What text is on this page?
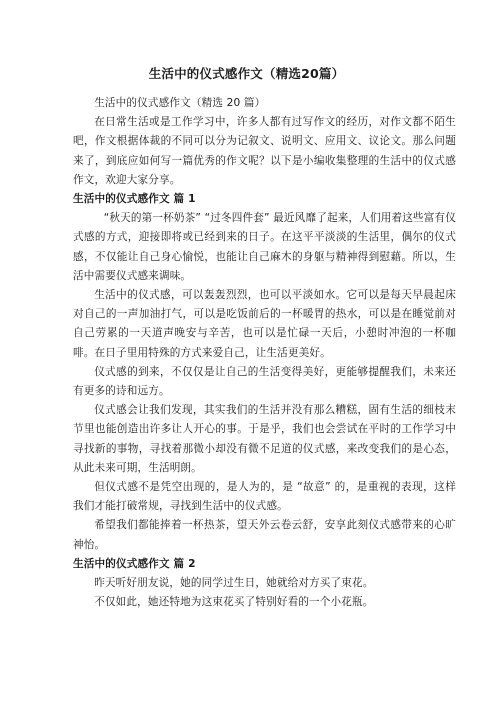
生活中的仪式感作文（精选20篇）

生活中的仪式感作文（精选 20 篇）

在日常生活或是工作学习中，许多人都有过写作文的经历，对作文都不陌生吧，作文根据体裁的不同可以分为记叙文、说明文、应用文、议论文。那么问题来了，到底应如何写一篇优秀的作文呢？以下是小编收集整理的生活中的仪式感作文，欢迎大家分享。

生活中的仪式感作文 篇 1

“秋天的第一杯奶茶” “过冬四件套” 最近风靡了起来，人们用着这些富有仪式感的方式，迎接即将或已经到来的日子。在这平平淡淡的生活里，偶尔的仪式感，不仅能让自己身心愉悦，也能让自己麻木的身躯与精神得到慰藉。所以，生活中需要仪式感来调味。

生活中的仪式感，可以轰轰烈烈，也可以平淡如水。它可以是每天早晨起床对自己的一声加油打气，可以是吃饭前后的一杯暖胃的热水，可以是在睡觉前对自己劳累的一天道声晚安与辛苦，也可以是忙碌一天后，小憩时冲泡的一杯咖啡。在日子里用特殊的方式来爱自己，让生活更美好。

仪式感的到来，不仅仅是让自己的生活变得美好，更能够提醒我们，未来还有更多的诗和远方。

仪式感会让我们发现，其实我们的生活并没有那么糟糕，固有生活的细枝末节里也能创造出许多让人开心的事。于是乎，我们也会尝试在平时的工作学习中寻找新的事物，寻找着那微小却没有微不足道的仪式感，来改变我们的是心态，从此未来可期，生活明朗。

但仪式感不是凭空出现的，是人为的，是 “故意” 的，是重视的表现，这样我们才能打破常规，寻找到生活中的仪式感。

希望我们都能捧着一杯热茶，望天外云卷云舒，安享此刻仪式感带来的心旷神怡。

生活中的仪式感作文 篇 2

昨天听好朋友说，她的同学过生日，她就给对方买了束花。

不仅如此，她还特地为这束花买了特别好看的一个小花瓶。
